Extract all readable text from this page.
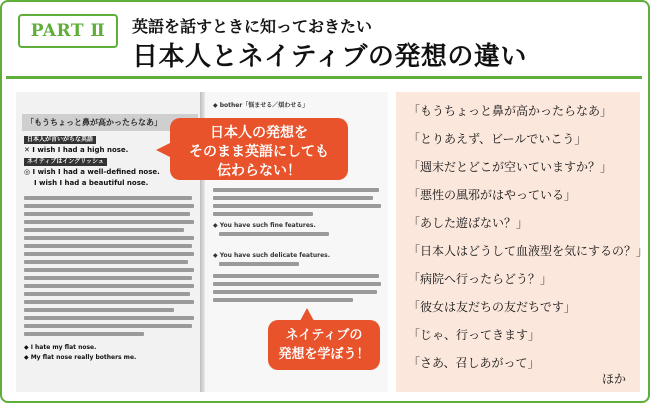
PART Ⅱ	英語を話すときに知っておきたい
日本人とネイティブの発想の違い
「もうちょっと鼻が高かったらなあ」
日本人が言いがちな英語
✕ I wish I had a high nose.
ネイティブはイングリッシュ
◎ I wish I had a well-defined nose.
I wish I had a beautiful nose.
◆ I hate my flat nose.
◆ My flat nose really bothers me.
◆ bother「悩ませる／煩わせる」
◆ You have such fine features.
◆ You have such delicate features.
日本人の発想を
そのまま英語にしても
伝わらない！
ネイティブの
発想を学ぼう！
「もうちょっと鼻が高かったらなあ」
「とりあえず、ビールでいこう」
「週末だとどこが空いていますか？」
「悪性の風邪がはやっている」
「あした遊ばない？」
「日本人はどうして血液型を気にするの？」
「病院へ行ったらどう？」
「彼女は友だちの友だちです」
「じゃ、行ってきます」
「さあ、召しあがって」
ほか
